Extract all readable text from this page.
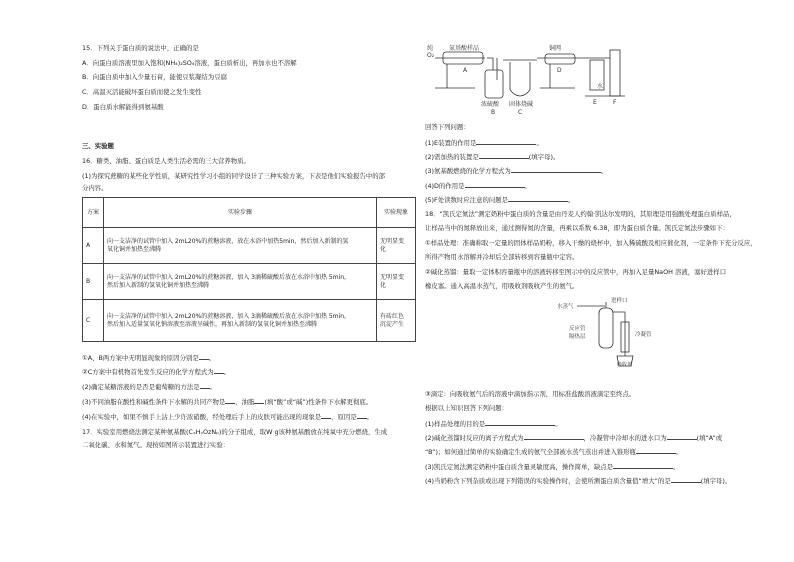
15．下列关于蛋白质的说法中，正确的是
A．向蛋白质溶液里加入饱和(NH₄)₂SO₄溶液，蛋白质析出，再加水也不溶解
B．向蛋白质中加入少量石膏，能使豆浆凝结为豆腐
C．高温灭活能破坏蛋白质而使之发生变性
D．蛋白质水解能得到氨基酸
三、实验题
16．糖类、油脂、蛋白质是人类生活必需的三大营养物质。
(1)为探究蔗糖的某些化学性质，某研究性学习小组的同学设计了三种实验方案，下表是他们实验报告中的部
分内容。
方案	实验步骤	实验现象
A	向一支洁净的试管中加入 2mL20%的蔗糖溶液，放在水浴中加热5min，然后加入新制的氢
氧化铜并加热至沸腾	无明显变
化
B	向一支洁净的试管中加入 2mL20%的蔗糖溶液，加入 3滴稀硫酸后放在水浴中加热 5min，
然后加入新制的氢氧化铜并加热至沸腾	无明显变
化
C	向一支洁净的试管中加入 2mL20%的蔗糖溶液，加入 3滴稀硫酸后放在水浴中加热 5min，
然后加入适量氢氧化钠溶液至溶液呈碱性，再加入新制的氢氧化铜并加热至沸腾	有砖红色
沉淀产生
①A、B两方案中无明显现象的原因分别是 。
②C方案中有机物首先发生反应的化学方程式为 。
(2)确定某糖溶液的是否是葡萄糖的方法是 。
(3)不同油脂在酸性和碱性条件下水解的共同产物是 ，油脂 (填“酸”或“碱”)性条件下水解更彻底。
(4)在实验中，如果不慎手上沾上少许浓硝酸，经处理后手上的皮肤可能出现的现象是 ，原因是 。
17．实验室用燃烧法测定某种氨基酸(CₓHᵧOzNₚ)的分子组成，取W g该种氨基酸放在纯氧中充分燃烧，生成
二氧化碳、水和氮气。现按如图所示装置进行实验：
纯
O₂
氨基酸样品	铜网
A
B	C
D
E	F
浓硫酸 固体烧碱
水
回答下列问题：
(1)E装置的作用是	。
(2)需加热的装置是	(填字母)。
(3)氨基酸燃烧的化学方程式为	。
(4)D的作用是	。
(5)F处读数时应注意的问题是	。
18．“凯氏定氮法”测定奶粉中蛋白质的含量是由丹麦人约翰·凯达尔发明的，其原理是用强酸处理蛋白质样品，
让样品当中的氮释放出来，通过测得氮的含量，再乘以系数 6.38，即为蛋白质含量。凯氏定氮法步骤如下：
①样品处理：准确称取一定量的固体样品奶粉，移入干燥的烧杯中，加入稀硫酸及相应催化剂，一定条件下充分反应，
所得产物用水溶解并冷却后全部转移到容量瓶中定容。
②碱化蒸馏：量取一定体积容量瓶中的溶液转移至图示中的反应管中，再加入足量NaOH 溶液，塞好进样口
橡皮塞。通入高温水蒸气，用吸收剂吸收产生的氨气。
水蒸气
进样口
反应管
隔热层	冷凝管
吸收剂
③滴定：向吸收氨气后的溶液中滴加指示剂，用标准盐酸溶液滴定至终点。
根据以上知识回答下列问题：
(1)样品处理的目的是	。
(2)碱化蒸馏时反应的离子方程式为	，冷凝管中冷却水的进水口为	(填“A”或
“B”)；如何通过简单的实验确定生成的氨气全部被水蒸气蒸出并进入锥形瓶	。
(3)凯氏定氮法测定奶粉中蛋白质含量灵敏度高，操作简单，缺点是	。
(4)当奶粉含下列杂质或出现下列错误的实验操作时，会使所测蛋白质含量值“增大”的是	(填字母)。
